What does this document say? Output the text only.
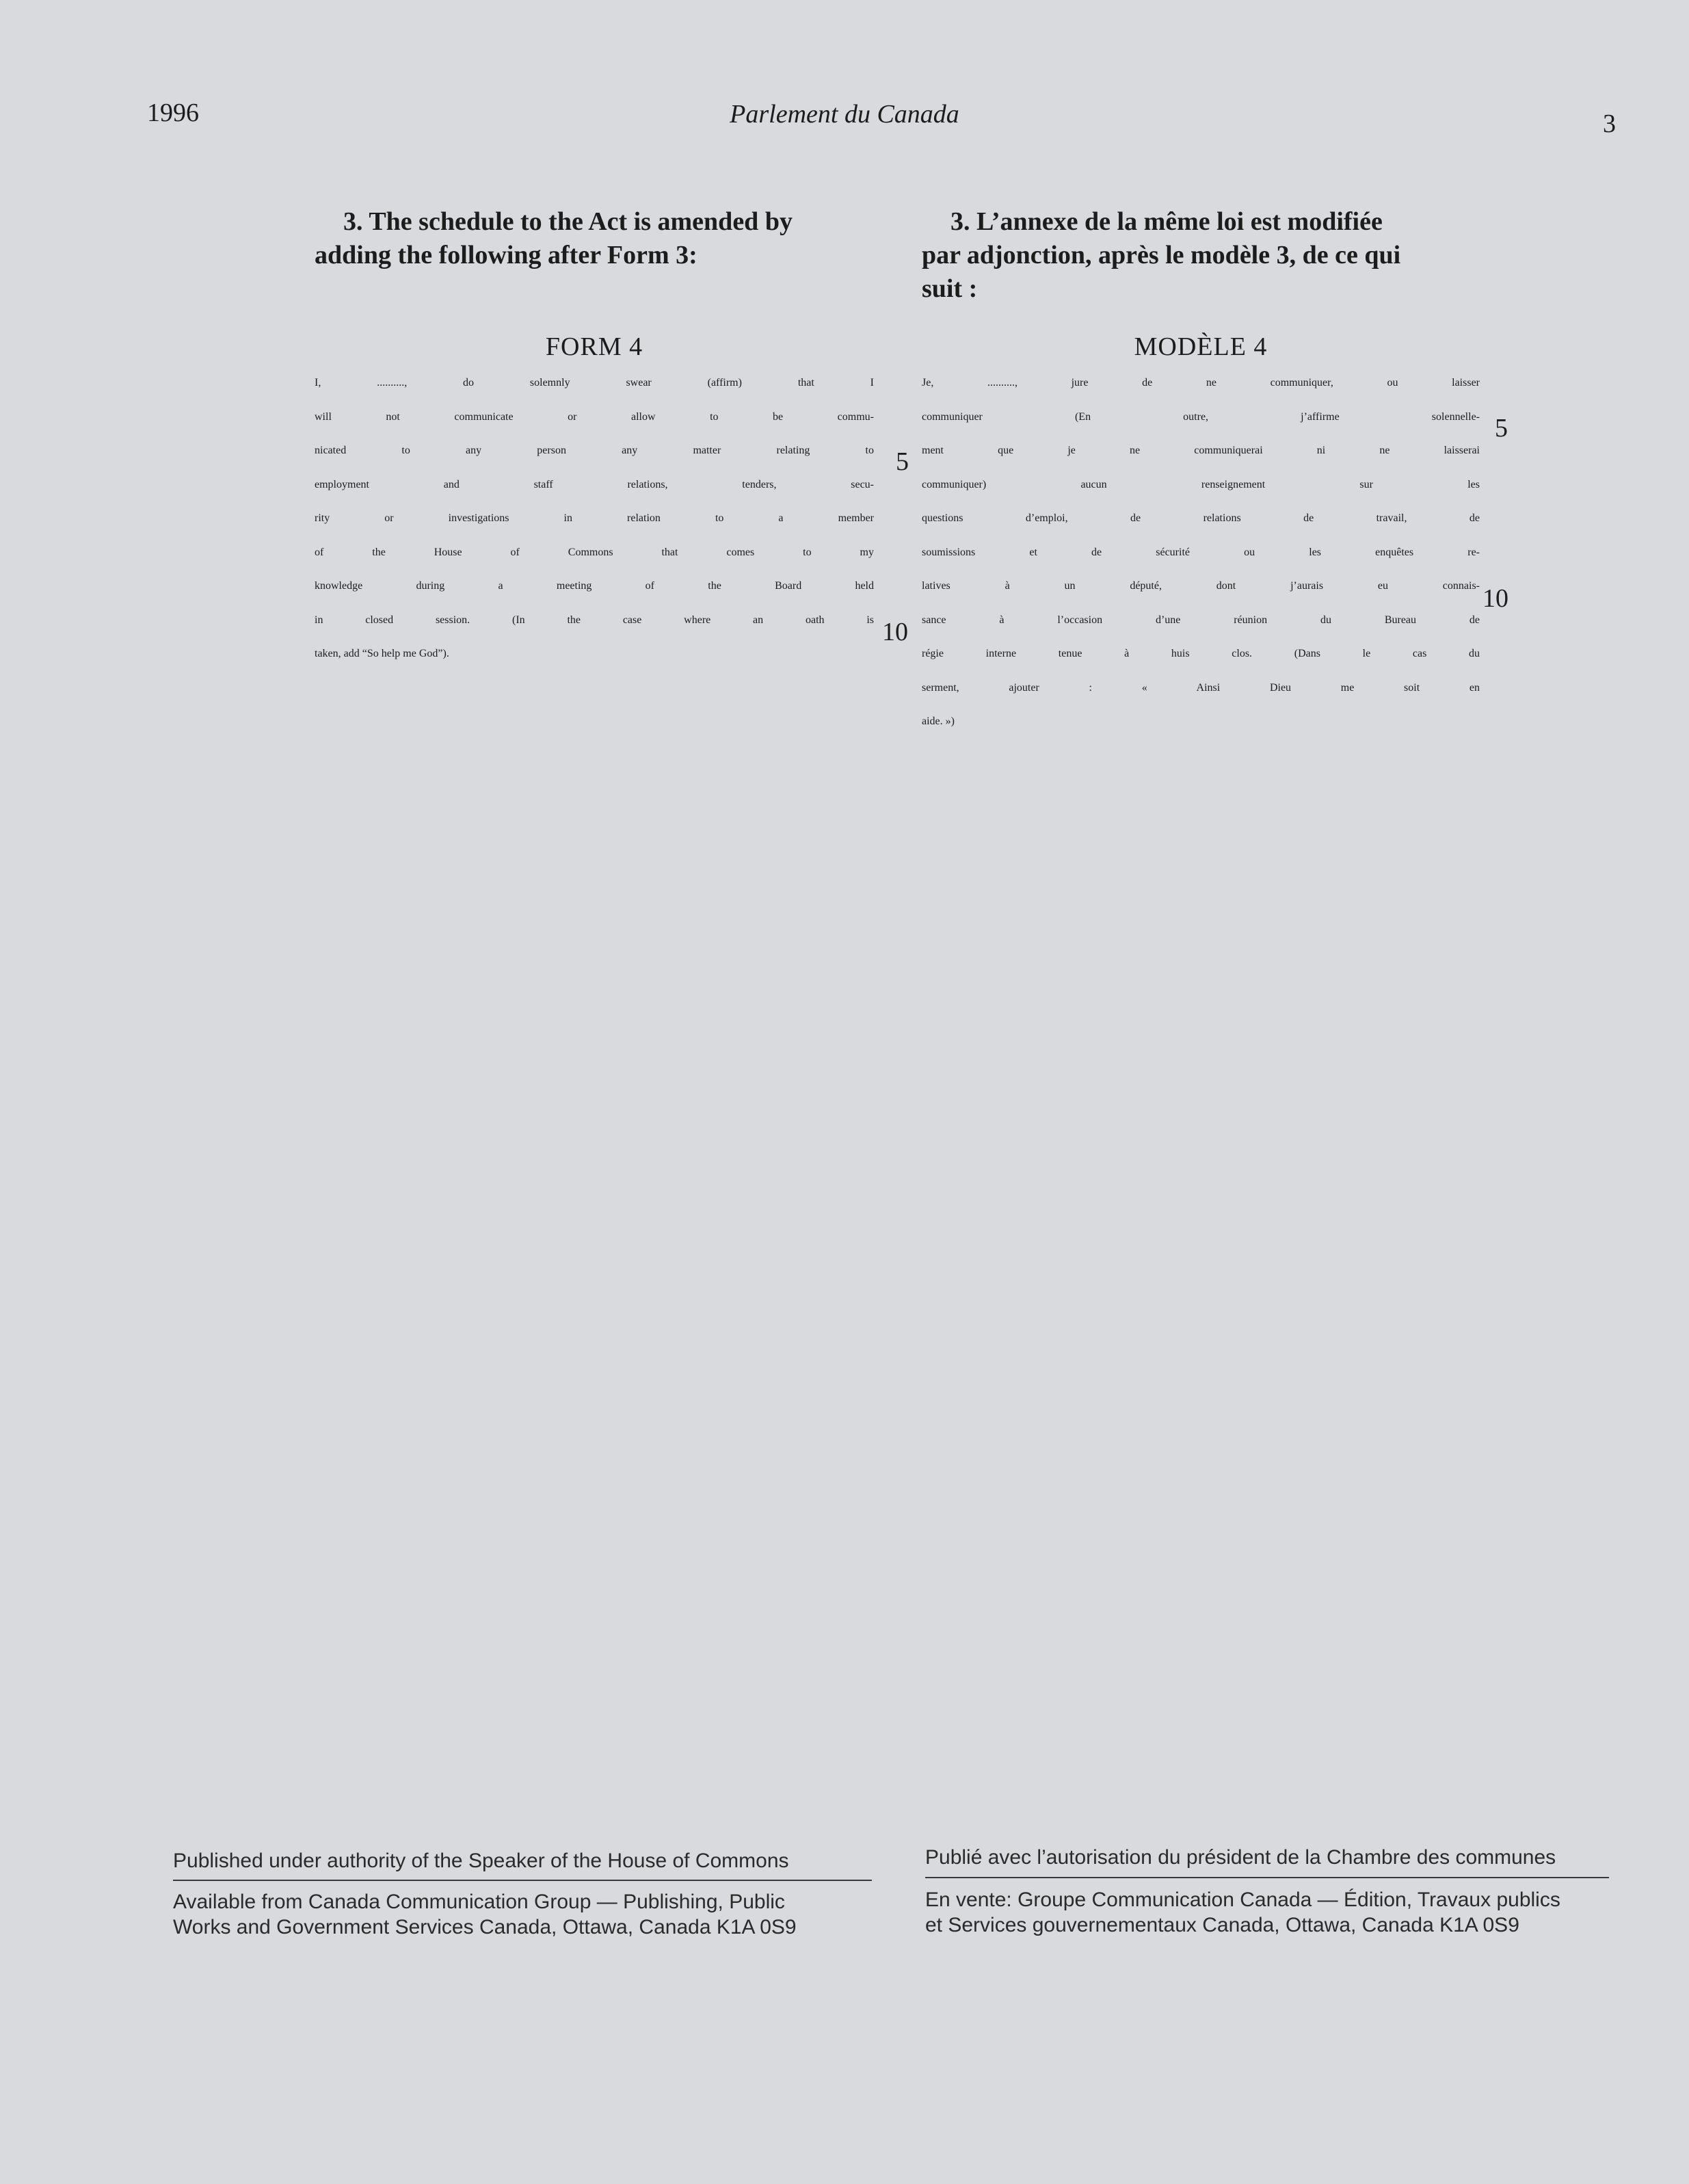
1996	Parlement du Canada	3
3. The schedule to the Act is amended by
adding the following after Form 3:
FORM 4
I, .........., do solemnly swear (affirm) that I
will not communicate or allow to be commu-
nicated to any person any matter relating to
employment and staff relations, tenders, secu-
rity or investigations in relation to a member
of the House of Commons that comes to my
knowledge during a meeting of the Board held
in closed session. (In the case where an oath is
taken, add “So help me God”).
5
10
3. L’annexe de la même loi est modifiée
par adjonction, après le modèle 3, de ce qui
suit :
MODÈLE 4
Je, .........., jure de ne communiquer, ou laisser
communiquer (En outre, j’affirme solennelle-
ment que je ne communiquerai ni ne laisserai
communiquer) aucun renseignement sur les
questions d’emploi, de relations de travail, de
soumissions et de sécurité ou les enquêtes re-
latives à un député, dont j’aurais eu connais-
sance à l’occasion d’une réunion du Bureau de
régie interne tenue à huis clos. (Dans le cas du
serment, ajouter : « Ainsi Dieu me soit en
aide. »)
5
10
Published under authority of the Speaker of the House of Commons
Available from Canada Communication Group — Publishing, Public
Works and Government Services Canada, Ottawa, Canada K1A 0S9
Publié avec l’autorisation du président de la Chambre des communes
En vente: Groupe Communication Canada — Édition, Travaux publics
et Services gouvernementaux Canada, Ottawa, Canada K1A 0S9
